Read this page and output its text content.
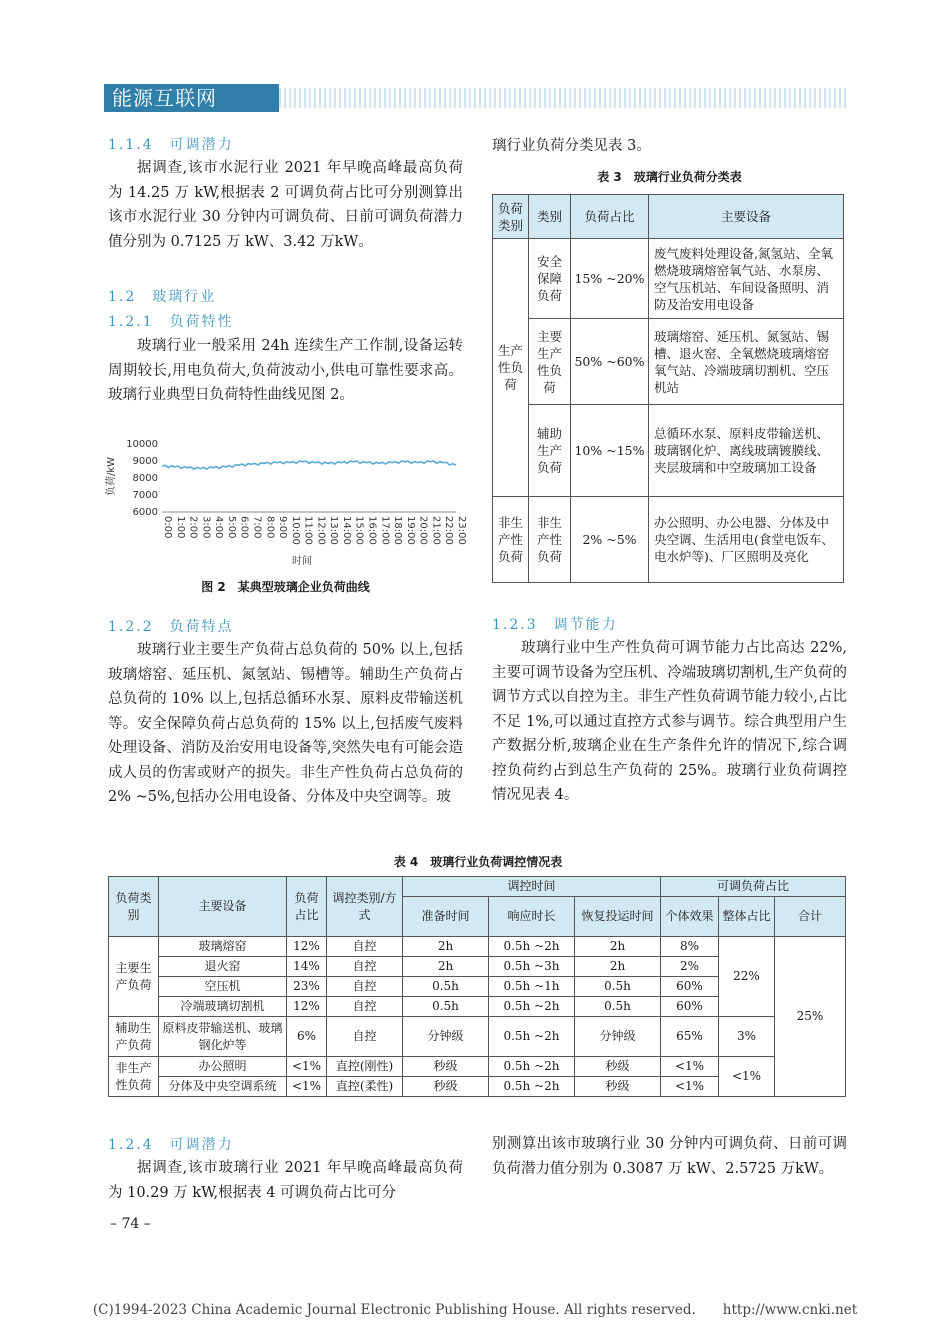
能源互联网
1.1.4　可调潜力
据调查,该市水泥行业 2021 年早晚高峰最高负荷为 14.25 万 kW,根据表 2 可调负荷占比可分别测算出该市水泥行业 30 分钟内可调负荷、日前可调负荷潜力值分别为 0.7125 万 kW、3.42 万kW。
1.2　玻璃行业
1.2.1　负荷特性
玻璃行业一般采用 24h 连续生产工作制,设备运转周期较长,用电负荷大,负荷波动小,供电可靠性要求高。玻璃行业典型日负荷特性曲线见图 2。
10000
9000
8000
7000
6000
0:00 1:00 2:00 3:00 4:00 5:00 6:00 7:00 8:00 9:00 10:00 11:00 12:00 13:00 14:00 15:00 16:00 17:00 18:00 19:00 20:00 21:00 22:00 23:00
负荷/kW
时间
图 2　某典型玻璃企业负荷曲线
1.2.2　负荷特点
玻璃行业主要生产负荷占总负荷的 50% 以上,包括玻璃熔窑、延压机、氮氢站、锡槽等。辅助生产负荷占总负荷的 10% 以上,包括总循环水泵、原料皮带输送机等。安全保障负荷占总负荷的 15% 以上,包括废气废料处理设备、消防及治安用电设备等,突然失电有可能会造成人员的伤害或财产的损失。非生产性负荷占总负荷的 2% ~5%,包括办公用电设备、分体及中央空调等。玻
璃行业负荷分类见表 3。
表 3　玻璃行业负荷分类表
负荷类别	类别	负荷占比	主要设备
生产性负荷	安全保障负荷	15% ~20%	废气废料处理设备,氮氢站、全氧燃烧玻璃熔窑氧气站、水泵房、空气压机站、车间设备照明、消防及治安用电设备
	主要生产性负荷	50% ~60%	玻璃熔窑、延压机、氮氢站、锡槽、退火窑、全氧燃烧玻璃熔窑氧气站、冷端玻璃切割机、空压机站
	辅助生产负荷	10% ~15%	总循环水泵、原料皮带输送机、玻璃钢化炉、离线玻璃镀膜线、夹层玻璃和中空玻璃加工设备
非生产性负荷	非生产性负荷	2% ~5%	办公照明、办公电器、分体及中央空调、生活用电(食堂电饭车、电水炉等)、厂区照明及亮化
1.2.3　调节能力
玻璃行业中生产性负荷可调节能力占比高达 22%,主要可调节设备为空压机、冷端玻璃切割机,生产负荷的调节方式以自控为主。非生产性负荷调节能力较小,占比不足 1%,可以通过直控方式参与调节。综合典型用户生产数据分析,玻璃企业在生产条件允许的情况下,综合调控负荷约占到总生产负荷的 25%。玻璃行业负荷调控情况见表 4。
表 4　玻璃行业负荷调控情况表
负荷类别	主要设备	负荷占比	调控类别/方式	调控时间			可调负荷占比		
				准备时间	响应时长	恢复投运时间	个体效果	整体占比	合计
主要生产负荷	玻璃熔窑	12%	自控	2h	0.5h ~2h	2h	8%	22%	25%
	退火窑	14%	自控	2h	0.5h ~3h	2h	2%		
	空压机	23%	自控	0.5h	0.5h ~1h	0.5h	60%		
	冷端玻璃切割机	12%	自控	0.5h	0.5h ~2h	0.5h	60%		
辅助生产负荷	原料皮带输送机、玻璃钢化炉等	6%	自控	分钟级	0.5h ~2h	分钟级	65%	3%	
非生产性负荷	办公照明	<1%	直控(刚性)	秒级	0.5h ~2h	秒级	<1%	<1%	
	分体及中央空调系统	<1%	直控(柔性)	秒级	0.5h ~2h	秒级	<1%		
1.2.4　可调潜力
据调查,该市玻璃行业 2021 年早晚高峰最高负荷为 10.29 万 kW,根据表 4 可调负荷占比可分
别测算出该市玻璃行业 30 分钟内可调负荷、日前可调负荷潜力值分别为 0.3087 万 kW、2.5725 万kW。
– 74 –
(C)1994-2023 China Academic Journal Electronic Publishing House. All rights reserved.　　http://www.cnki.net
